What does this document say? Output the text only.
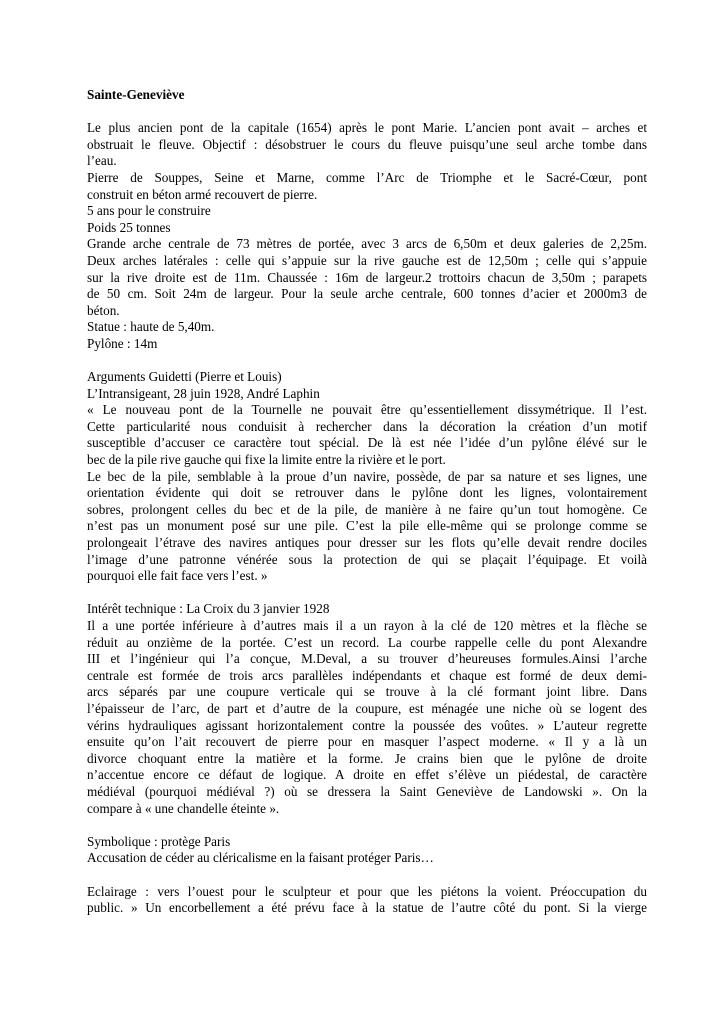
Sainte-Geneviève
Le plus ancien pont de la capitale (1654) après le pont Marie. L’ancien pont avait – arches et
obstruait le fleuve. Objectif : désobstruer le cours du fleuve puisqu’une seul arche tombe dans
l’eau.
Pierre de Souppes, Seine et Marne, comme l’Arc de Triomphe et le Sacré-Cœur, pont
construit en béton armé recouvert de pierre.
5 ans pour le construire
Poids 25 tonnes
Grande arche centrale de 73 mètres de portée, avec 3 arcs de 6,50m et deux galeries de 2,25m.
Deux arches latérales : celle qui s’appuie sur la rive gauche est de 12,50m ; celle qui s’appuie
sur la rive droite est de 11m. Chaussée : 16m de largeur.2 trottoirs chacun de 3,50m ; parapets
de 50 cm. Soit 24m de largeur. Pour la seule arche centrale, 600 tonnes d’acier et 2000m3 de
béton.
Statue : haute de 5,40m.
Pylône : 14m
Arguments Guidetti (Pierre et Louis)
L’Intransigeant, 28 juin 1928, André Laphin
« Le nouveau pont de la Tournelle ne pouvait être qu’essentiellement dissymétrique. Il l’est.
Cette particularité nous conduisit à rechercher dans la décoration la création d’un motif
susceptible d’accuser ce caractère tout spécial. De là est née l’idée d’un pylône élévé sur le
bec de la pile rive gauche qui fixe la limite entre la rivière et le port.
Le bec de la pile, semblable à la proue d’un navire, possède, de par sa nature et ses lignes, une
orientation évidente qui doit se retrouver dans le pylône dont les lignes, volontairement
sobres, prolongent celles du bec et de la pile, de manière à ne faire qu’un tout homogène. Ce
n’est pas un monument posé sur une pile. C’est la pile elle-même qui se prolonge comme se
prolongeait l’étrave des navires antiques pour dresser sur les flots qu’elle devait rendre dociles
l’image d’une patronne vénérée sous la protection de qui se plaçait l’équipage. Et voilà
pourquoi elle fait face vers l’est. »
Intérêt technique : La Croix du 3 janvier 1928
Il a une portée inférieure à d’autres mais il a un rayon à la clé de 120 mètres et la flèche se
réduit au onzième de la portée. C’est un record. La courbe rappelle celle du pont Alexandre
III et l’ingénieur qui l’a conçue, M.Deval, a su trouver d’heureuses formules.Ainsi l’arche
centrale est formée de trois arcs parallèles indépendants et chaque est formé de deux demi-
arcs séparés par une coupure verticale qui se trouve à la clé formant joint libre. Dans
l’épaisseur de l’arc, de part et d’autre de la coupure, est ménagée une niche où se logent des
vérins hydrauliques agissant horizontalement contre la poussée des voûtes. » L’auteur regrette
ensuite qu’on l’ait recouvert de pierre pour en masquer l’aspect moderne. « Il y a là un
divorce choquant entre la matière et la forme. Je crains bien que le pylône de droite
n’accentue encore ce défaut de logique. A droite en effet s’élève un piédestal, de caractère
médiéval (pourquoi médiéval ?) où se dressera la Saint Geneviève de Landowski ». On la
compare à « une chandelle éteinte ».
Symbolique : protège Paris
Accusation de céder au cléricalisme en la faisant protéger Paris…
Eclairage : vers l’ouest pour le sculpteur et pour que les piétons la voient. Préoccupation du
public. » Un encorbellement a été prévu face à la statue de l’autre côté du pont. Si la vierge
